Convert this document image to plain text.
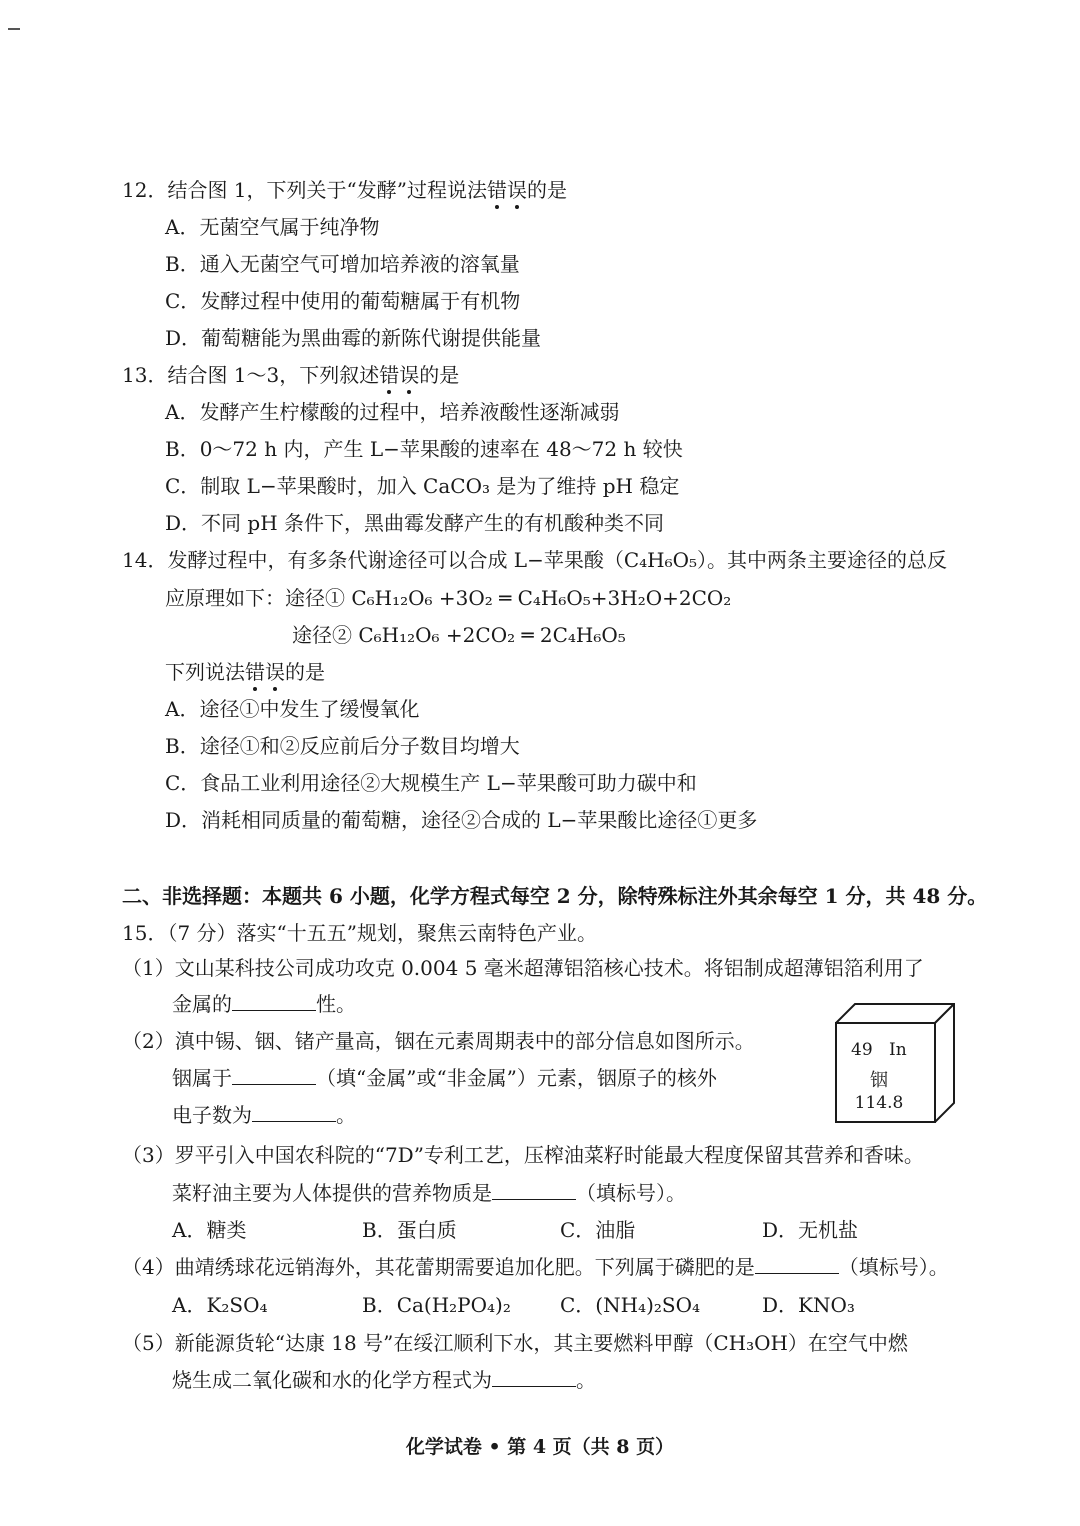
12．结合图 1，下列关于“发酵”过程说法错误的是
A．无菌空气属于纯净物
B．通入无菌空气可增加培养液的溶氧量
C．发酵过程中使用的葡萄糖属于有机物
D．葡萄糖能为黑曲霉的新陈代谢提供能量
13．结合图 1～3，下列叙述错误的是
A．发酵产生柠檬酸的过程中，培养液酸性逐渐减弱
B．0～72 h 内，产生 L−苹果酸的速率在 48～72 h 较快
C．制取 L−苹果酸时，加入 CaCO₃ 是为了维持 pH 稳定
D．不同 pH 条件下，黑曲霉发酵产生的有机酸种类不同
14．发酵过程中，有多条代谢途径可以合成 L−苹果酸（C₄H₆O₅）。其中两条主要途径的总反
应原理如下：途径① C₆H₁₂O₆ +3O₂ ═ C₄H₆O₅+3H₂O+2CO₂
途径② C₆H₁₂O₆ +2CO₂ ═ 2C₄H₆O₅
下列说法错误的是
A．途径①中发生了缓慢氧化
B．途径①和②反应前后分子数目均增大
C．食品工业利用途径②大规模生产 L−苹果酸可助力碳中和
D．消耗相同质量的葡萄糖，途径②合成的 L−苹果酸比途径①更多
二、非选择题：本题共 6 小题，化学方程式每空 2 分，除特殊标注外其余每空 1 分，共 48 分。
15．（7 分）落实“十五五”规划，聚焦云南特色产业。
（1）文山某科技公司成功攻克 0.004 5 毫米超薄铝箔核心技术。将铝制成超薄铝箔利用了
金属的	性。
（2）滇中锡、铟、锗产量高，铟在元素周期表中的部分信息如图所示。
铟属于	（填“金属”或“非金属”）元素，铟原子的核外
电子数为	。
49 In
铟
114.8
（3）罗平引入中国农科院的“7D”专利工艺，压榨油菜籽时能最大程度保留其营养和香味。
菜籽油主要为人体提供的营养物质是	（填标号）。
A．糖类	B．蛋白质	C．油脂	D．无机盐
（4）曲靖绣球花远销海外，其花蕾期需要追加化肥。下列属于磷肥的是	（填标号）。
A．K₂SO₄	B．Ca(H₂PO₄)₂ C．(NH₄)₂SO₄	D．KNO₃
（5）新能源货轮“达康 18 号”在绥江顺利下水，其主要燃料甲醇（CH₃OH）在空气中燃
烧生成二氧化碳和水的化学方程式为	。
化学试卷 • 第 4 页（共 8 页）
